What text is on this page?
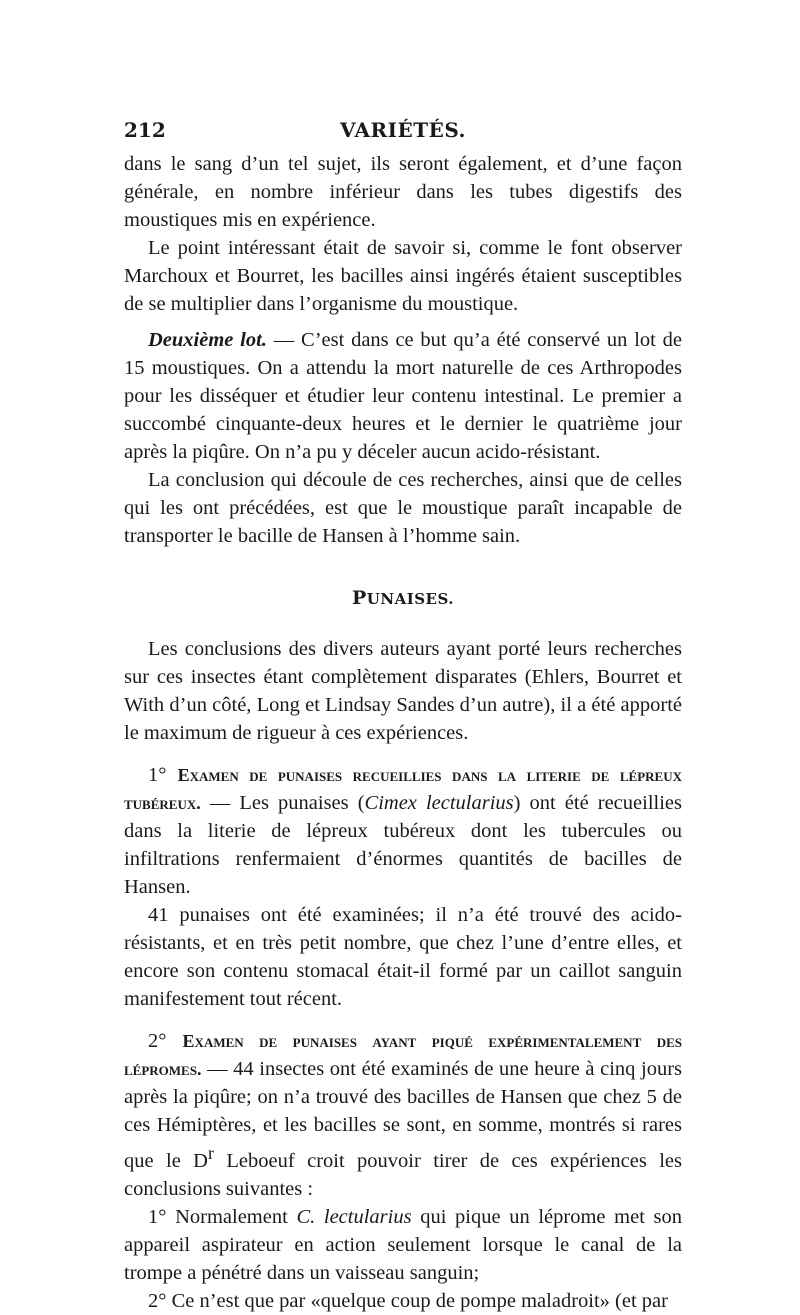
212	VARIÉTÉS.

dans le sang d’un tel sujet, ils seront également, et d’une façon générale, en nombre inférieur dans les tubes digestifs des moustiques mis en expérience.

Le point intéressant était de savoir si, comme le font observer Marchoux et Bourret, les bacilles ainsi ingérés étaient susceptibles de se multiplier dans l’organisme du moustique.

Deuxième lot. — C’est dans ce but qu’a été conservé un lot de 15 moustiques. On a attendu la mort naturelle de ces Arthropodes pour les disséquer et étudier leur contenu intestinal. Le premier a succombé cinquante-deux heures et le dernier le quatrième jour après la piqûre. On n’a pu y déceler aucun acido-résistant.

La conclusion qui découle de ces recherches, ainsi que de celles qui les ont précédées, est que le moustique paraît incapable de transporter le bacille de Hansen à l’homme sain.

PUNAISES.

Les conclusions des divers auteurs ayant porté leurs recherches sur ces insectes étant complètement disparates (Ehlers, Bourret et With d’un côté, Long et Lindsay Sandes d’un autre), il a été apporté le maximum de rigueur à ces expériences.

1° Examen de punaises recueillies dans la literie de lépreux tubéreux. — Les punaises (Cimex lectularius) ont été recueillies dans la literie de lépreux tubéreux dont les tubercules ou infiltrations renfermaient d’énormes quantités de bacilles de Hansen.

41 punaises ont été examinées; il n’a été trouvé des acido-résistants, et en très petit nombre, que chez l’une d’entre elles, et encore son contenu stomacal était-il formé par un caillot sanguin manifestement tout récent.

2° Examen de punaises ayant piqué expérimentalement des lépromes. — 44 insectes ont été examinés de une heure à cinq jours après la piqûre; on n’a trouvé des bacilles de Hansen que chez 5 de ces Hémiptères, et les bacilles se sont, en somme, montrés si rares que le D$^r$ Leboeuf croit pouvoir tirer de ces expériences les conclusions suivantes :

1° Normalement C. lectularius qui pique un léprome met son appareil aspirateur en action seulement lorsque le canal de la trompe a pénétré dans un vaisseau sanguin;

2° Ce n’est que par «quelque coup de pompe maladroit» (et par
